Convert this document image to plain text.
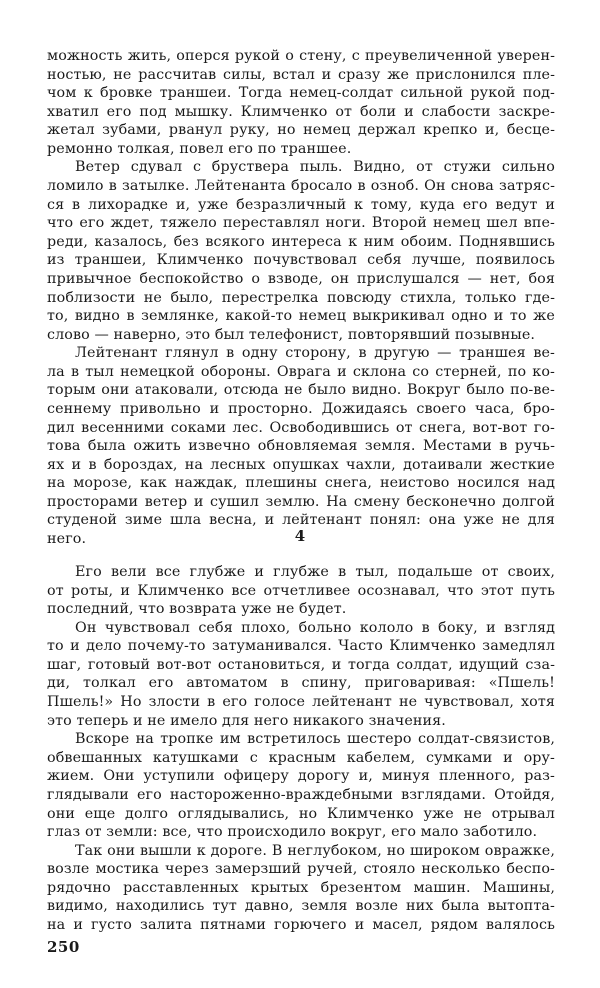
можность жить, оперся рукой о стену, с преувеличенной уверен-
ностью, не рассчитав силы, встал и сразу же прислонился пле-
чом к бровке траншеи. Тогда немец-солдат сильной рукой под-
хватил его под мышку. Климченко от боли и слабости заскре-
жетал зубами, рванул руку, но немец держал крепко и, бесце-
ремонно толкая, повел его по траншее.
Ветер сдувал с бруствера пыль. Видно, от стужи сильно
ломило в затылке. Лейтенанта бросало в озноб. Он снова затряс-
ся в лихорадке и, уже безразличный к тому, куда его ведут и
что его ждет, тяжело переставлял ноги. Второй немец шел впе-
реди, казалось, без всякого интереса к ним обоим. Поднявшись
из траншеи, Климченко почувствовал себя лучше, появилось
привычное беспокойство о взводе, он прислушался — нет, боя
поблизости не было, перестрелка повсюду стихла, только где-
то, видно в землянке, какой-то немец выкрикивал одно и то же
слово — наверно, это был телефонист, повторявший позывные.
Лейтенант глянул в одну сторону, в другую — траншея ве-
ла в тыл немецкой обороны. Оврага и склона со стерней, по ко-
торым они атаковали, отсюда не было видно. Вокруг было по-ве-
сеннему привольно и просторно. Дожидаясь своего часа, бро-
дил весенними соками лес. Освободившись от снега, вот-вот го-
това была ожить извечно обновляемая земля. Местами в ручь-
ях и в бороздах, на лесных опушках чахли, дотаивали жесткие
на морозе, как наждак, плешины снега, неистово носился над
просторами ветер и сушил землю. На смену бесконечно долгой
студеной зиме шла весна, и лейтенант понял: она уже не для
него.	4
Его вели все глубже и глубже в тыл, подальше от своих,
от роты, и Климченко все отчетливее осознавал, что этот путь
последний, что возврата уже не будет.
Он чувствовал себя плохо, больно кололо в боку, и взгляд
то и дело почему-то затуманивался. Часто Климченко замедлял
шаг, готовый вот-вот остановиться, и тогда солдат, идущий сза-
ди, толкал его автоматом в спину, приговаривая: «Пшель!
Пшель!» Но злости в его голосе лейтенант не чувствовал, хотя
это теперь и не имело для него никакого значения.
Вскоре на тропке им встретилось шестеро солдат-связистов,
обвешанных катушками с красным кабелем, сумками и ору-
жием. Они уступили офицеру дорогу и, минуя пленного, раз-
глядывали его настороженно-враждебными взглядами. Отойдя,
они еще долго оглядывались, но Климченко уже не отрывал
глаз от земли: все, что происходило вокруг, его мало заботило.
Так они вышли к дороге. В неглубоком, но широком овражке,
возле мостика через замерзший ручей, стояло несколько беспо-
рядочно расставленных крытых брезентом машин. Машины,
видимо, находились тут давно, земля возле них была вытопта-
на и густо залита пятнами горючего и масел, рядом валялось
250
